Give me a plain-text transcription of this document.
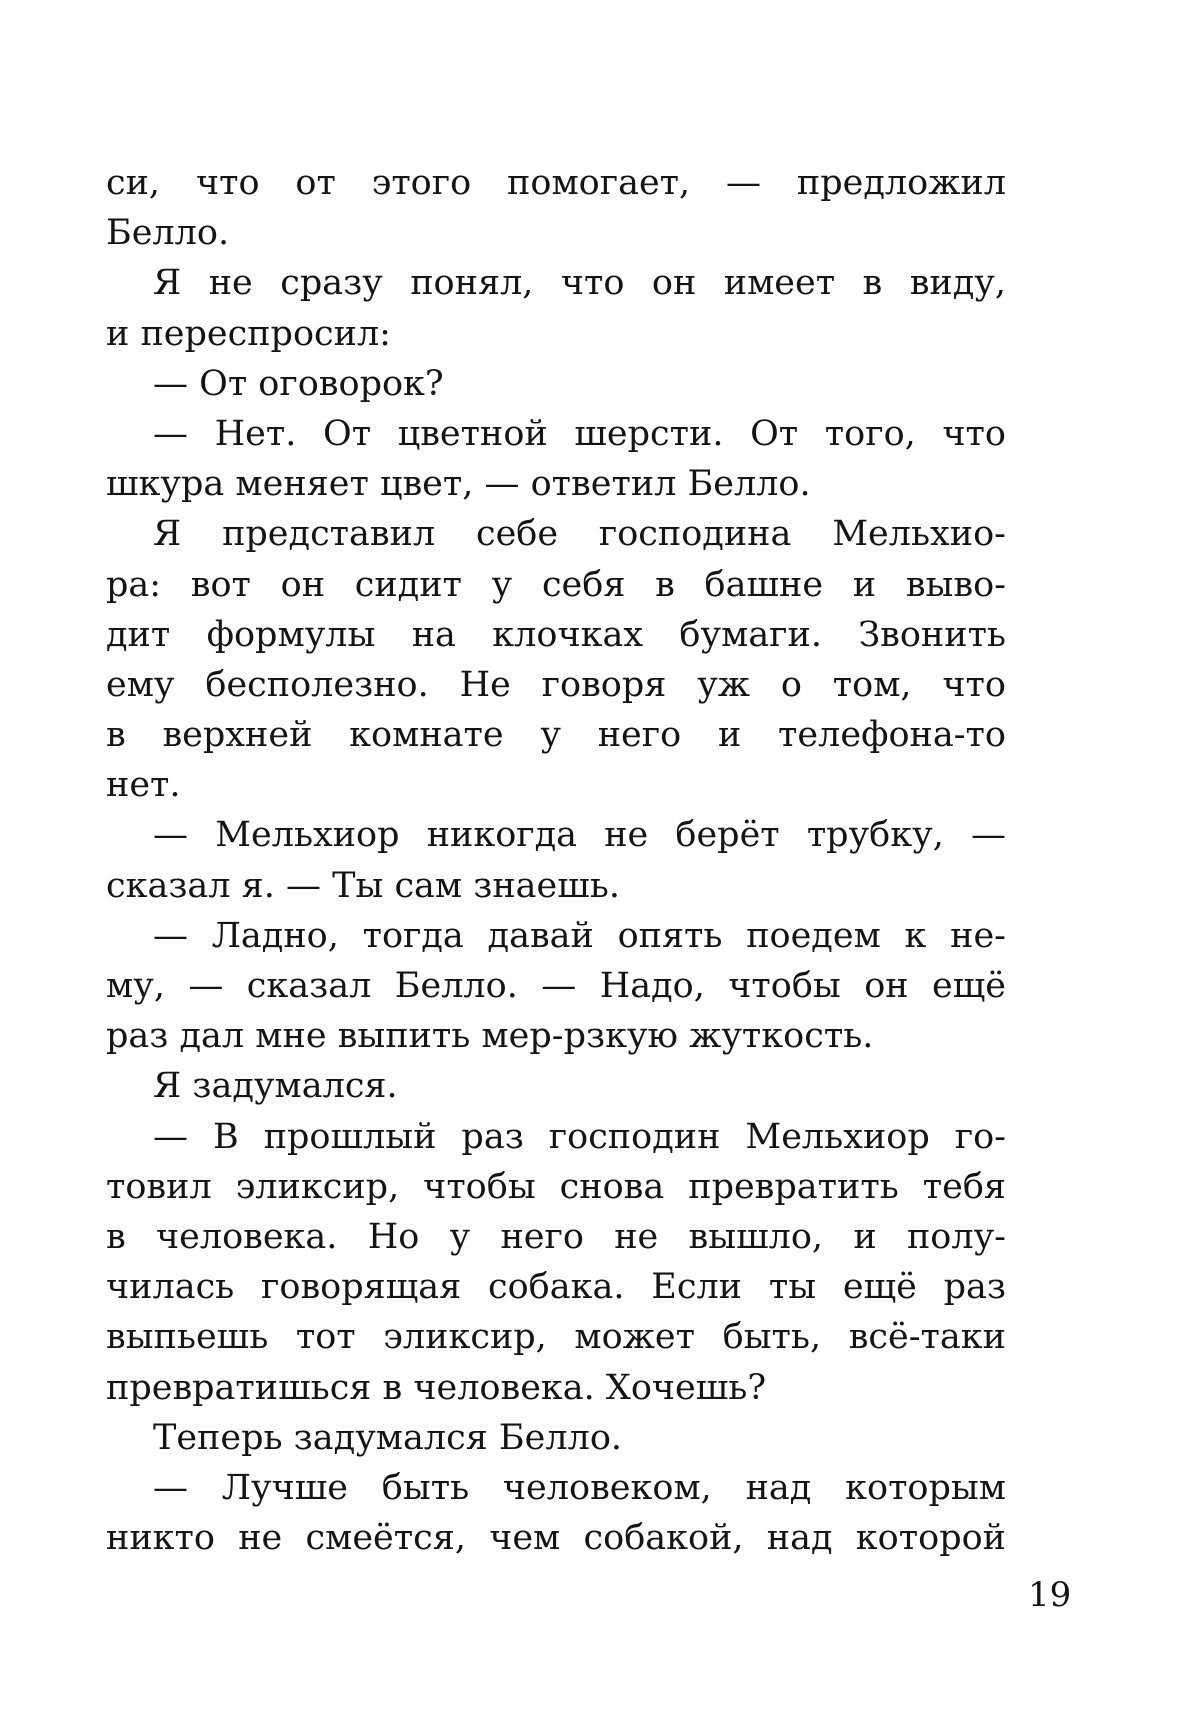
си, что от этого помогает, — предложил
Белло.
Я не сразу понял, что он имеет в виду,
и переспросил:
— От оговорок?
— Нет. От цветной шерсти. От того, что
шкура меняет цвет, — ответил Белло.
Я представил себе господина Мельхио-
ра: вот он сидит у себя в башне и выво-
дит формулы на клочках бумаги. Звонить
ему бесполезно. Не говоря уж о том, что
в верхней комнате у него и телефона-то
нет.
— Мельхиор никогда не берёт трубку, —
сказал я. — Ты сам знаешь.
— Ладно, тогда давай опять поедем к не-
му, — сказал Белло. — Надо, чтобы он ещё
раз дал мне выпить мер-рзкую жуткость.
Я задумался.
— В прошлый раз господин Мельхиор го-
товил эликсир, чтобы снова превратить тебя
в человека. Но у него не вышло, и полу-
чилась говорящая собака. Если ты ещё раз
выпьешь тот эликсир, может быть, всё-таки
превратишься в человека. Хочешь?
Теперь задумался Белло.
— Лучше быть человеком, над которым
никто не смеётся, чем собакой, над которой
19
